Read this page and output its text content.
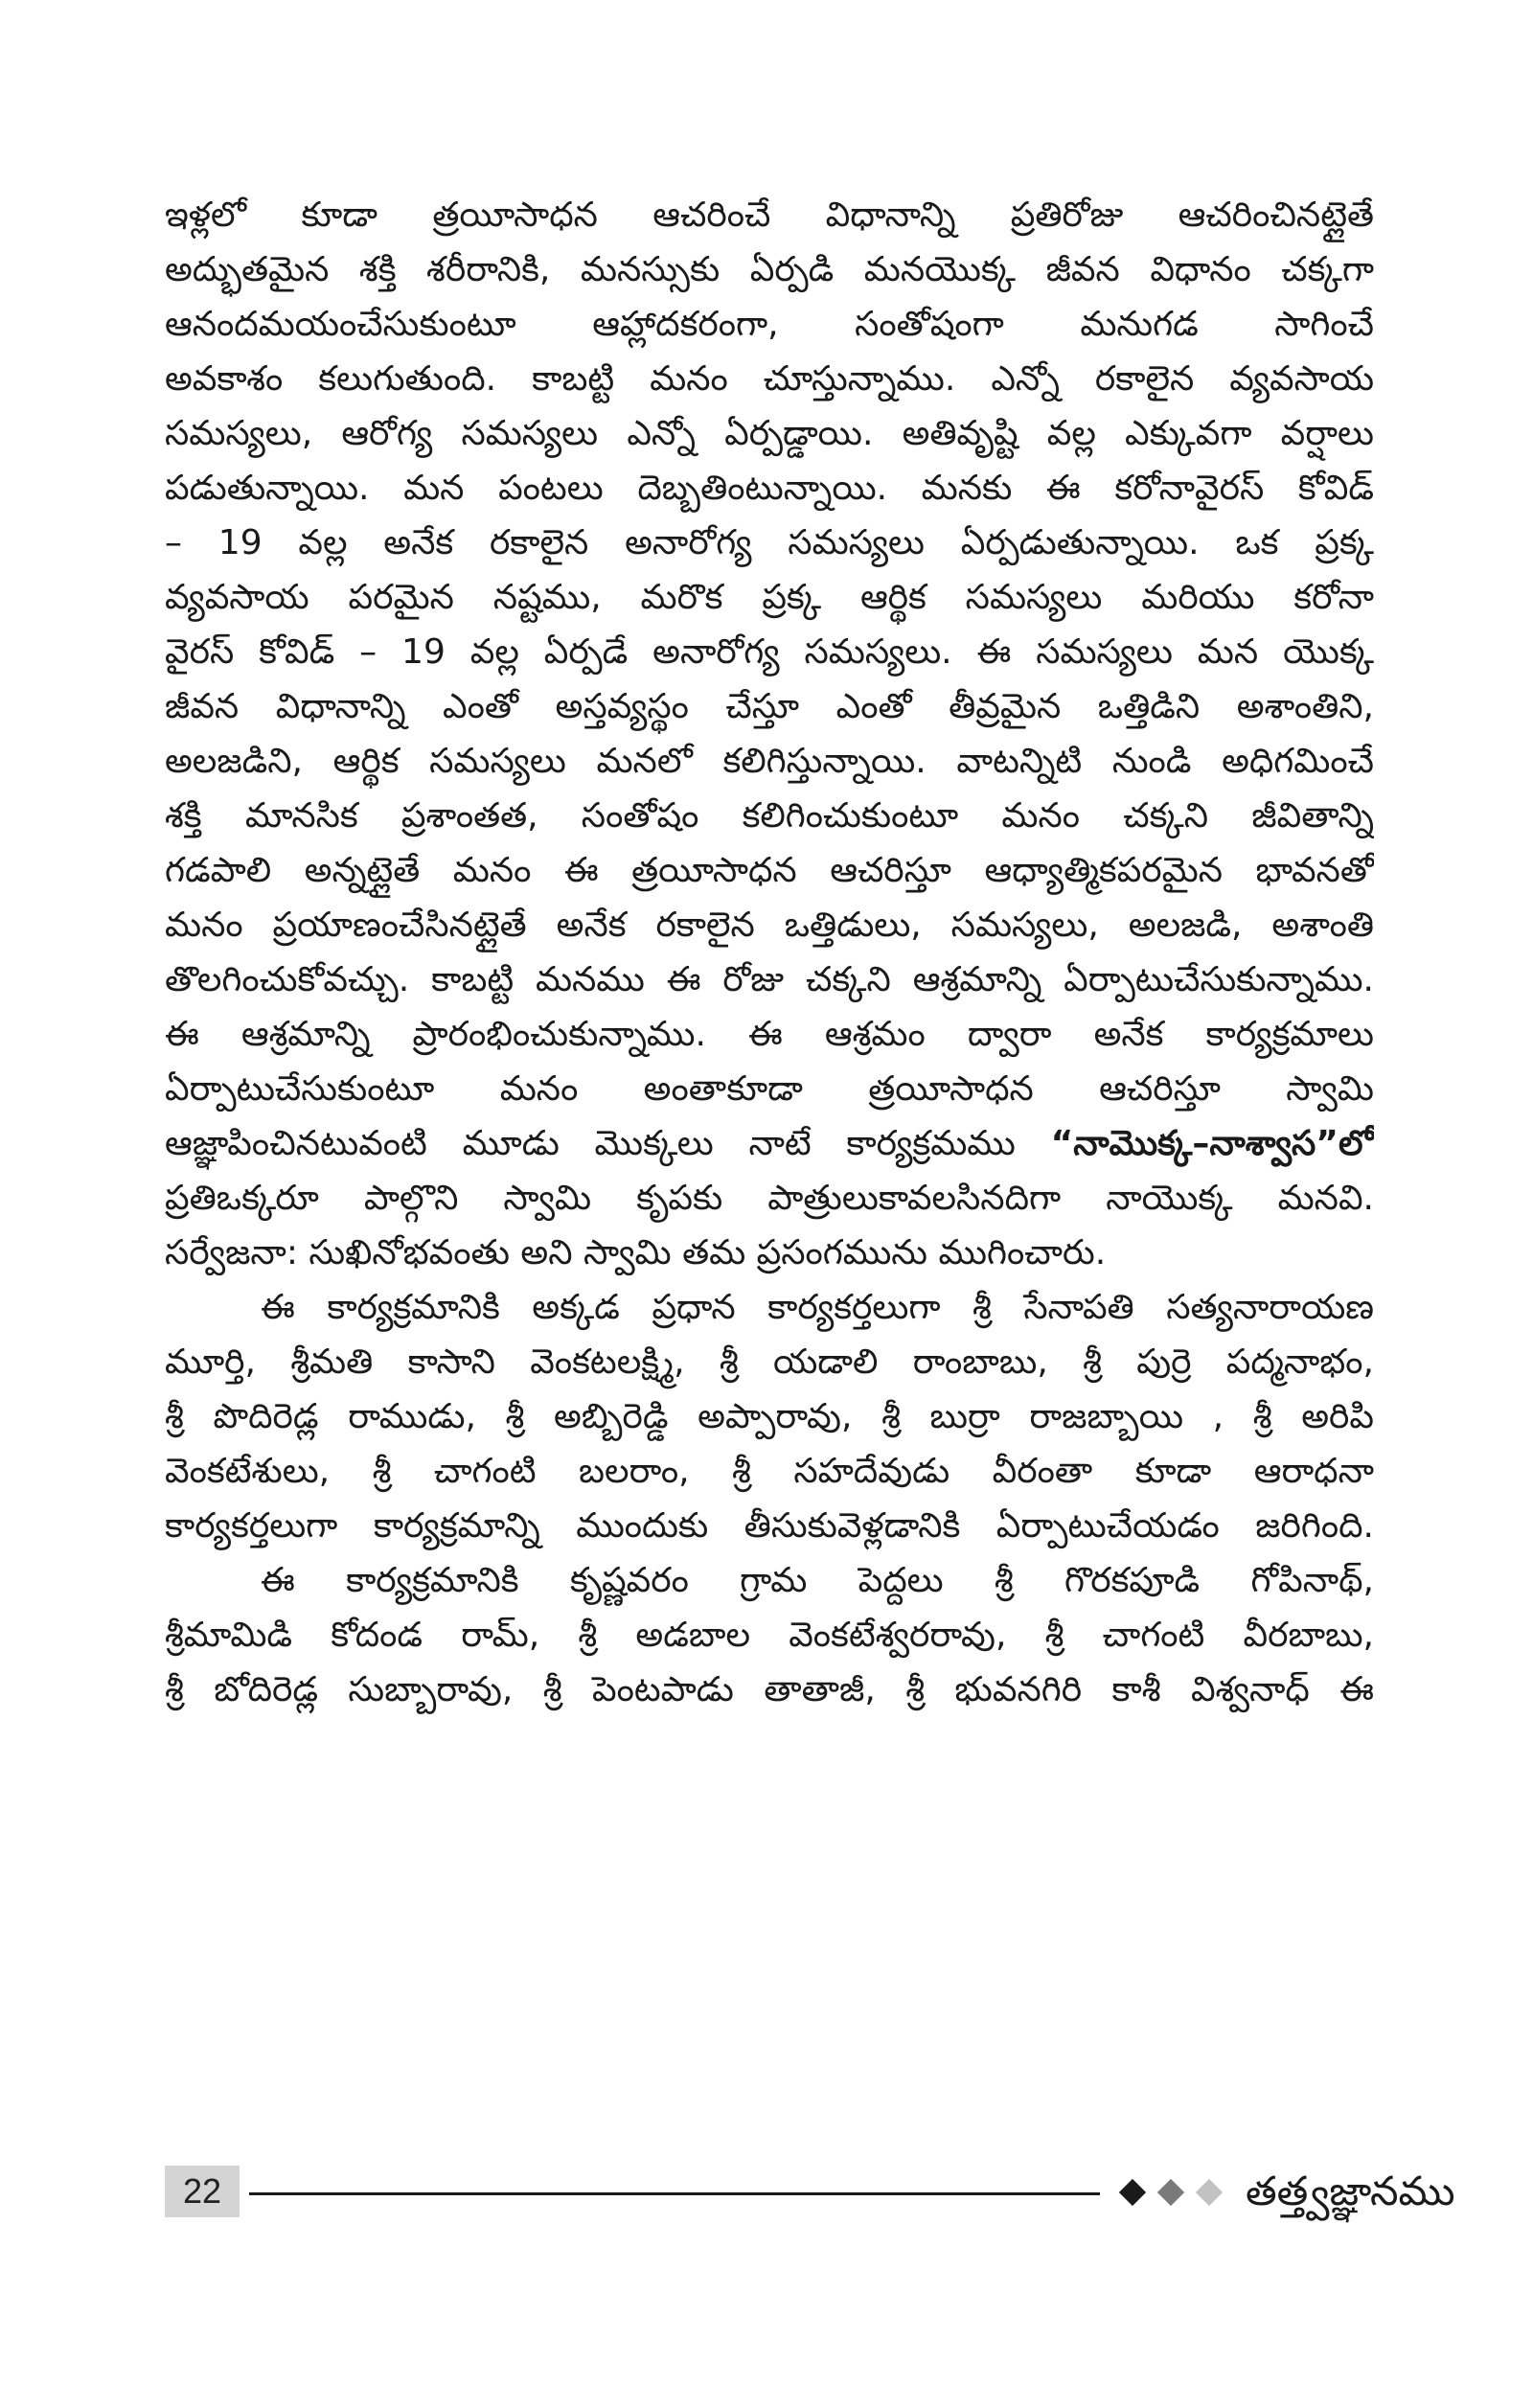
ఇళ్లలో కూడా త్రయీసాధన ఆచరించే విధానాన్ని ప్రతిరోజు ఆచరించినట్లైతే
అద్భుతమైన శక్తి శరీరానికి, మనస్సుకు ఏర్పడి మనయొక్క జీవన విధానం చక్కగా
ఆనందమయంచేసుకుంటూ ఆహ్లాదకరంగా, సంతోషంగా మనుగడ సాగించే
అవకాశం కలుగుతుంది. కాబట్టి మనం చూస్తున్నాము. ఎన్నో రకాలైన వ్యవసాయ
సమస్యలు, ఆరోగ్య సమస్యలు ఎన్నో ఏర్పడ్డాయి. అతివృష్టి వల్ల ఎక్కువగా వర్షాలు
పడుతున్నాయి. మన పంటలు దెబ్బతింటున్నాయి. మనకు ఈ కరోనావైరస్ కోవిడ్
– 19 వల్ల అనేక రకాలైన అనారోగ్య సమస్యలు ఏర్పడుతున్నాయి. ఒక ప్రక్క
వ్యవసాయ పరమైన నష్టము, మరొక ప్రక్క ఆర్థిక సమస్యలు మరియు కరోనా
వైరస్ కోవిడ్ – 19 వల్ల ఏర్పడే అనారోగ్య సమస్యలు. ఈ సమస్యలు మన యొక్క
జీవన విధానాన్ని ఎంతో అస్తవ్యస్థం చేస్తూ ఎంతో తీవ్రమైన ఒత్తిడిని అశాంతిని,
అలజడిని, ఆర్థిక సమస్యలు మనలో కలిగిస్తున్నాయి. వాటన్నిటి నుండి అధిగమించే
శక్తి మానసిక ప్రశాంతత, సంతోషం కలిగించుకుంటూ మనం చక్కని జీవితాన్ని
గడపాలి అన్నట్లైతే మనం ఈ త్రయీసాధన ఆచరిస్తూ ఆధ్యాత్మికపరమైన భావనతో
మనం ప్రయాణంచేసినట్లైతే అనేక రకాలైన ఒత్తిడులు, సమస్యలు, అలజడి, అశాంతి
తొలగించుకోవచ్చు. కాబట్టి మనము ఈ రోజు చక్కని ఆశ్రమాన్ని ఏర్పాటుచేసుకున్నాము.
ఈ ఆశ్రమాన్ని ప్రారంభించుకున్నాము. ఈ ఆశ్రమం ద్వారా అనేక కార్యక్రమాలు
ఏర్పాటుచేసుకుంటూ మనం అంతాకూడా త్రయీసాధన ఆచరిస్తూ స్వామి
ఆజ్ఞాపించినటువంటి మూడు మొక్కలు నాటే కార్యక్రమము “నామొక్క–నాశ్వాస”లో
ప్రతిఒక్కరూ పాల్గొని స్వామి కృపకు పాత్రులుకావలసినదిగా నాయొక్క మనవి.
సర్వేజనా: సుఖినోభవంతు అని స్వామి తమ ప్రసంగమును ముగించారు.
ఈ కార్యక్రమానికి అక్కడ ప్రధాన కార్యకర్తలుగా శ్రీ సేనాపతి సత్యనారాయణ
మూర్తి, శ్రీమతి కాసాని వెంకటలక్ష్మి, శ్రీ యడాలి రాంబాబు, శ్రీ పుర్రె పద్మనాభం,
శ్రీ పొదిరెడ్ల రాముడు, శ్రీ అబ్బిరెడ్డి అప్పారావు, శ్రీ బుర్రా రాజబ్బాయి , శ్రీ అరిపి
వెంకటేశులు, శ్రీ చాగంటి బలరాం, శ్రీ సహదేవుడు వీరంతా కూడా ఆరాధనా
కార్యకర్తలుగా కార్యక్రమాన్ని ముందుకు తీసుకువెళ్లడానికి ఏర్పాటుచేయడం జరిగింది.
ఈ కార్యక్రమానికి కృష్ణవరం గ్రామ పెద్దలు శ్రీ గొరకపూడి గోపినాథ్,
శ్రీమామిడి కోదండ రామ్, శ్రీ అడబాల వెంకటేశ్వరరావు, శ్రీ చాగంటి వీరబాబు,
శ్రీ బోదిరెడ్ల సుబ్బారావు, శ్రీ పెంటపాడు తాతాజీ, శ్రీ భువనగిరి కాశీ విశ్వనాధ్ ఈ
22	తత్త్వజ్ఞానము
